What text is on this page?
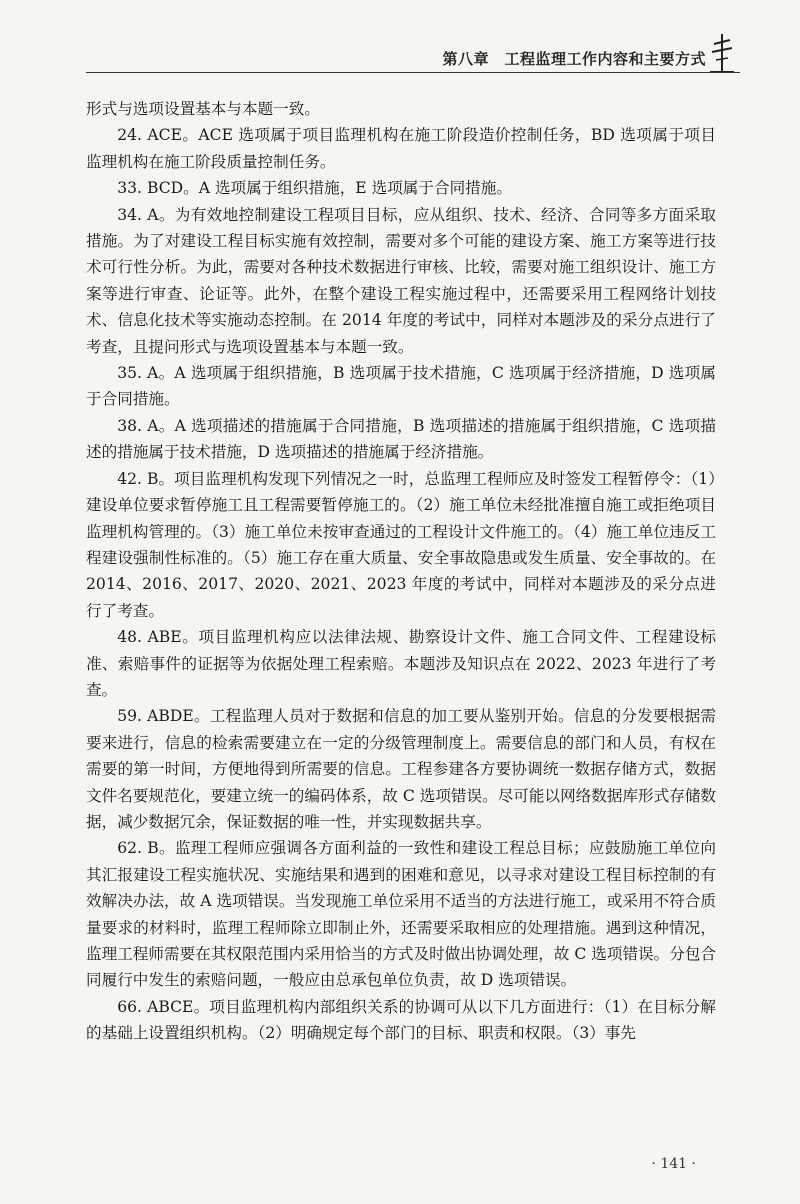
第八章　工程监理工作内容和主要方式

形式与选项设置基本与本题一致。

24. ACE。ACE 选项属于项目监理机构在施工阶段造价控制任务，BD 选项属于项目监理机构在施工阶段质量控制任务。

33. BCD。A 选项属于组织措施，E 选项属于合同措施。

34. A。为有效地控制建设工程项目目标，应从组织、技术、经济、合同等多方面采取措施。为了对建设工程目标实施有效控制，需要对多个可能的建设方案、施工方案等进行技术可行性分析。为此，需要对各种技术数据进行审核、比较，需要对施工组织设计、施工方案等进行审查、论证等。此外，在整个建设工程实施过程中，还需要采用工程网络计划技术、信息化技术等实施动态控制。在 2014 年度的考试中，同样对本题涉及的采分点进行了考查，且提问形式与选项设置基本与本题一致。

35. A。A 选项属于组织措施，B 选项属于技术措施，C 选项属于经济措施，D 选项属于合同措施。

38. A。A 选项描述的措施属于合同措施，B 选项描述的措施属于组织措施，C 选项描述的措施属于技术措施，D 选项描述的措施属于经济措施。

42. B。项目监理机构发现下列情况之一时，总监理工程师应及时签发工程暂停令：（1）建设单位要求暂停施工且工程需要暂停施工的。（2）施工单位未经批准擅自施工或拒绝项目监理机构管理的。（3）施工单位未按审查通过的工程设计文件施工的。（4）施工单位违反工程建设强制性标准的。（5）施工存在重大质量、安全事故隐患或发生质量、安全事故的。在 2014、2016、2017、2020、2021、2023 年度的考试中，同样对本题涉及的采分点进行了考查。

48. ABE。项目监理机构应以法律法规、勘察设计文件、施工合同文件、工程建设标准、索赔事件的证据等为依据处理工程索赔。本题涉及知识点在 2022、2023 年进行了考查。

59. ABDE。工程监理人员对于数据和信息的加工要从鉴别开始。信息的分发要根据需要来进行，信息的检索需要建立在一定的分级管理制度上。需要信息的部门和人员，有权在需要的第一时间，方便地得到所需要的信息。工程参建各方要协调统一数据存储方式，数据文件名要规范化，要建立统一的编码体系，故 C 选项错误。尽可能以网络数据库形式存储数据，减少数据冗余，保证数据的唯一性，并实现数据共享。

62. B。监理工程师应强调各方面利益的一致性和建设工程总目标；应鼓励施工单位向其汇报建设工程实施状况、实施结果和遇到的困难和意见，以寻求对建设工程目标控制的有效解决办法，故 A 选项错误。当发现施工单位采用不适当的方法进行施工，或采用不符合质量要求的材料时，监理工程师除立即制止外，还需要采取相应的处理措施。遇到这种情况，监理工程师需要在其权限范围内采用恰当的方式及时做出协调处理，故 C 选项错误。分包合同履行中发生的索赔问题，一般应由总承包单位负责，故 D 选项错误。

66. ABCE。项目监理机构内部组织关系的协调可从以下几方面进行：（1）在目标分解的基础上设置组织机构。（2）明确规定每个部门的目标、职责和权限。（3）事先

· 141 ·
